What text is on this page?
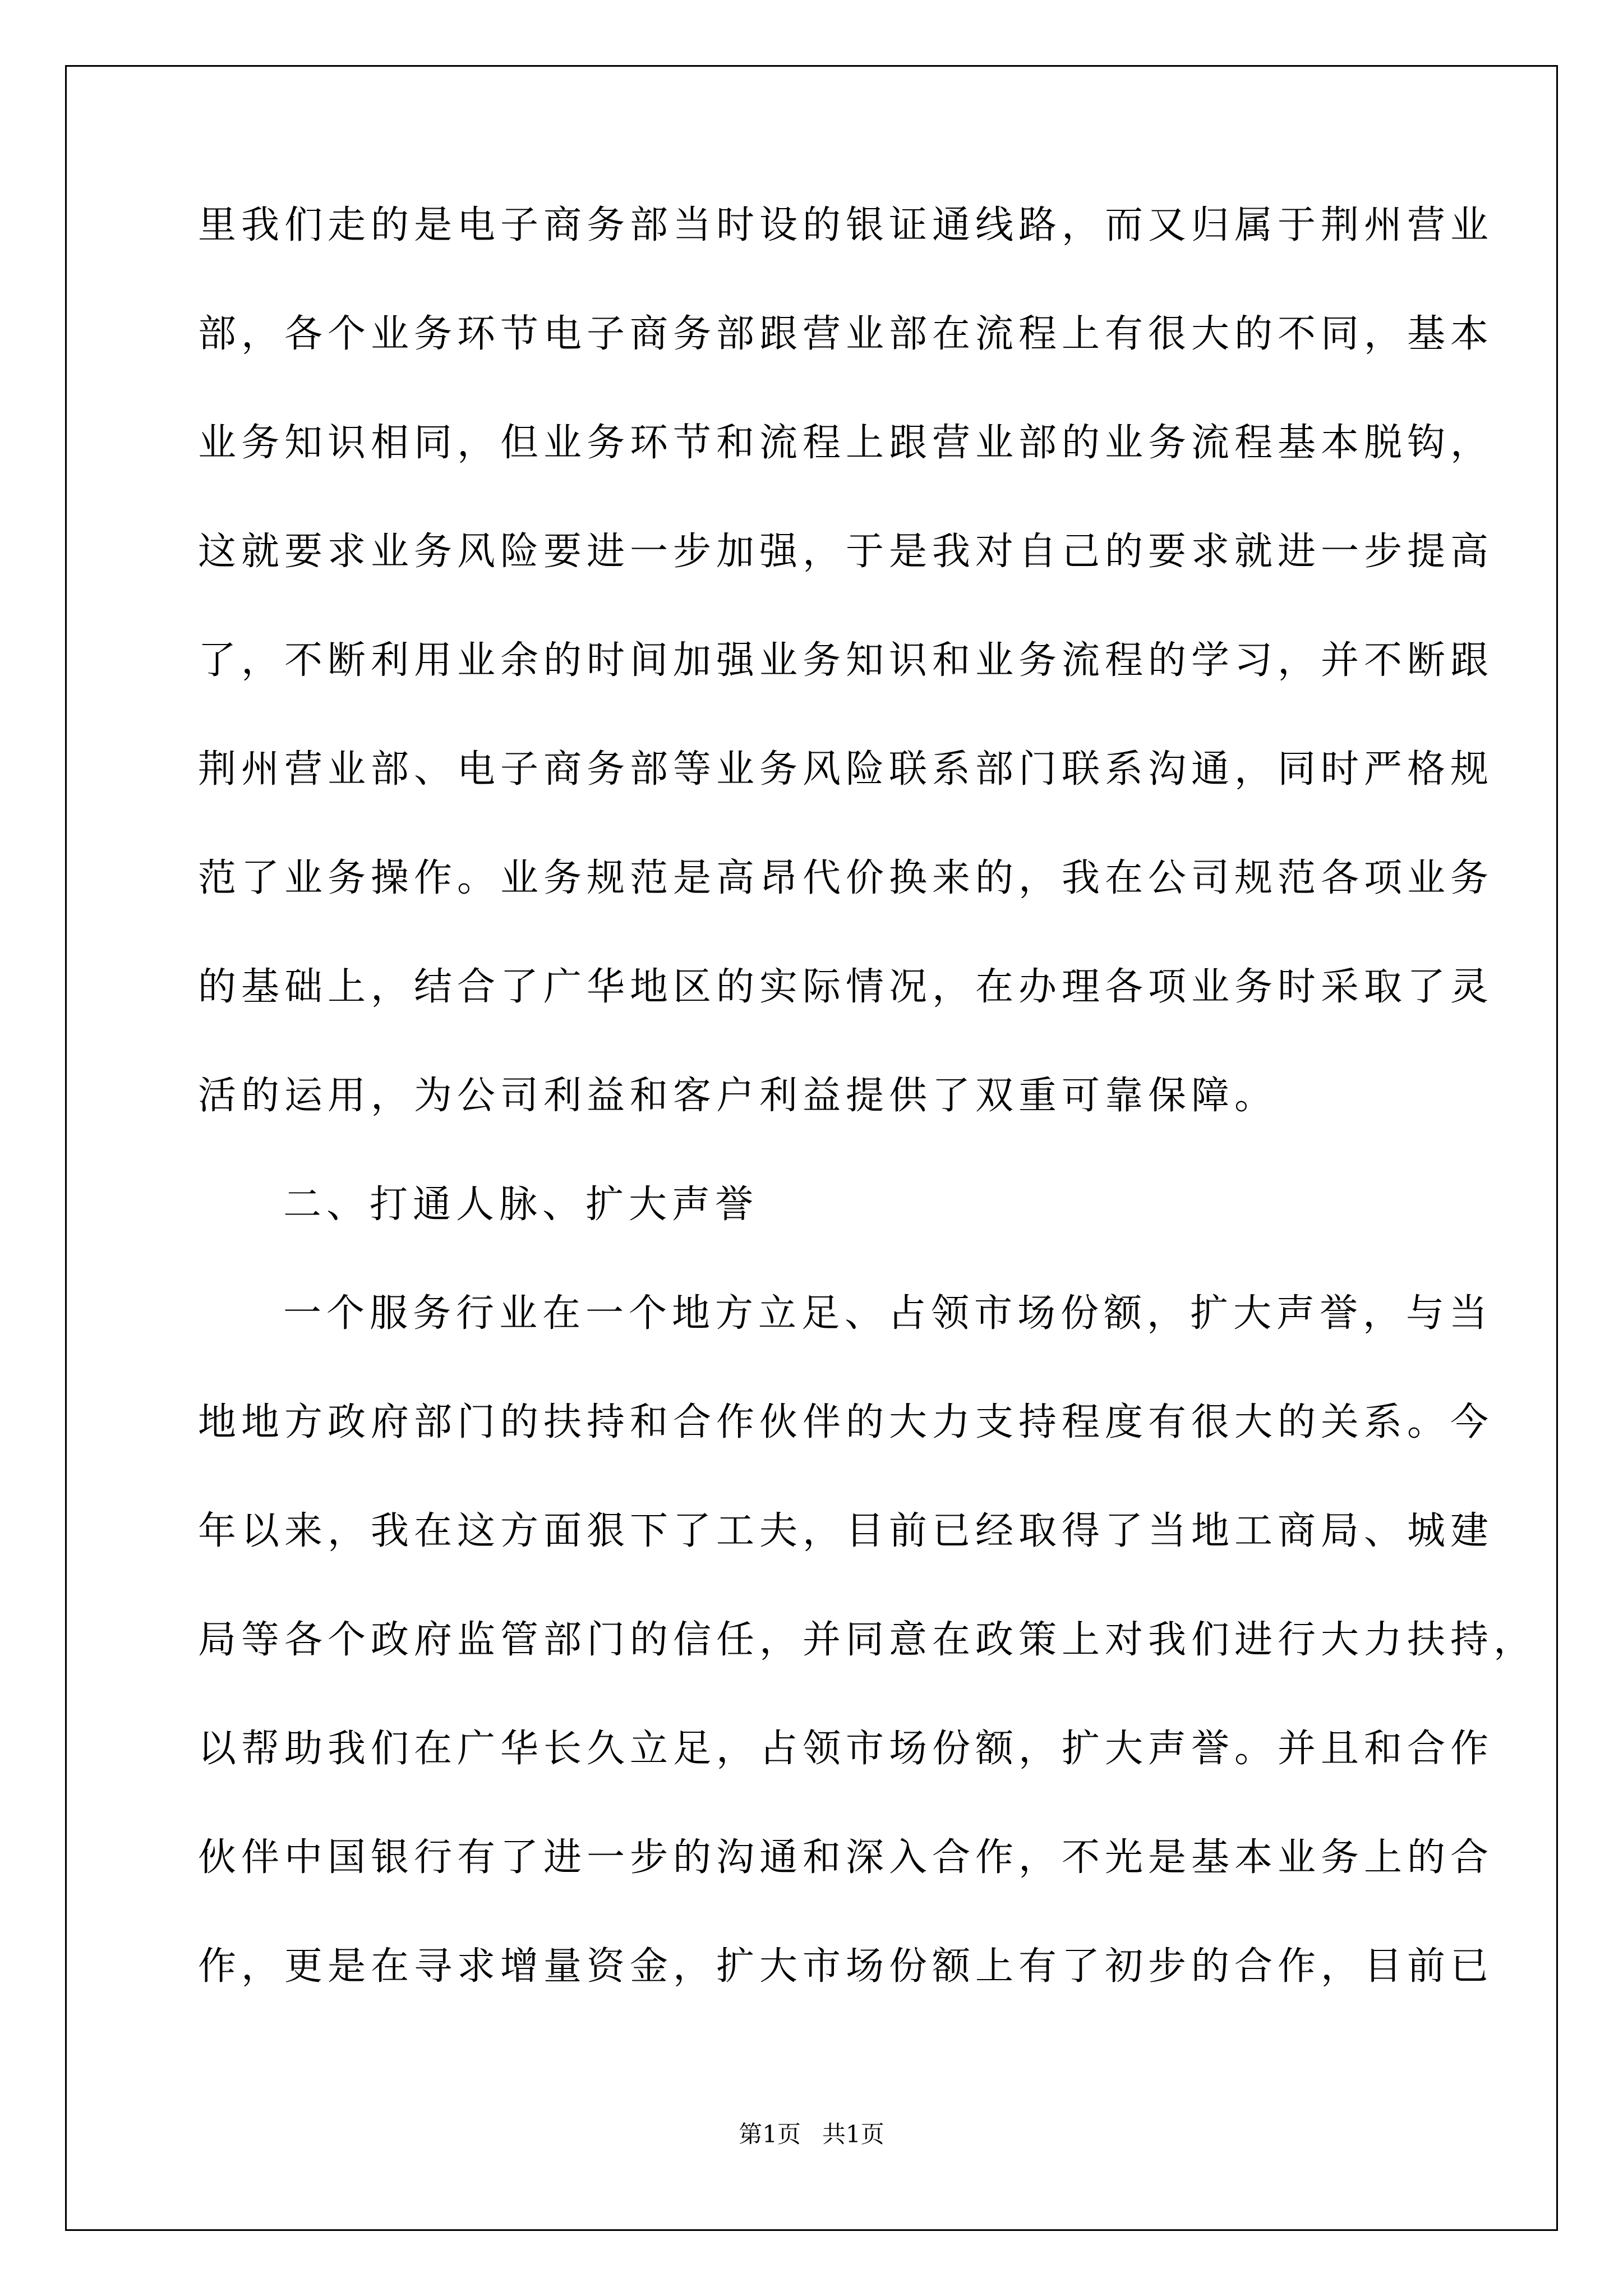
里我们走的是电子商务部当时设的银证通线路，而又归属于荆州营业
部，各个业务环节电子商务部跟营业部在流程上有很大的不同，基本
业务知识相同，但业务环节和流程上跟营业部的业务流程基本脱钩，
这就要求业务风险要进一步加强，于是我对自己的要求就进一步提高
了，不断利用业余的时间加强业务知识和业务流程的学习，并不断跟
荆州营业部、电子商务部等业务风险联系部门联系沟通，同时严格规
范了业务操作。业务规范是高昂代价换来的，我在公司规范各项业务
的基础上，结合了广华地区的实际情况，在办理各项业务时采取了灵
活的运用，为公司利益和客户利益提供了双重可靠保障。
二、打通人脉、扩大声誉
一个服务行业在一个地方立足、占领市场份额，扩大声誉，与当
地地方政府部门的扶持和合作伙伴的大力支持程度有很大的关系。今
年以来，我在这方面狠下了工夫，目前已经取得了当地工商局、城建
局等各个政府监管部门的信任，并同意在政策上对我们进行大力扶持，
以帮助我们在广华长久立足，占领市场份额，扩大声誉。并且和合作
伙伴中国银行有了进一步的沟通和深入合作，不光是基本业务上的合
作，更是在寻求增量资金，扩大市场份额上有了初步的合作，目前已
第1页 共1页
